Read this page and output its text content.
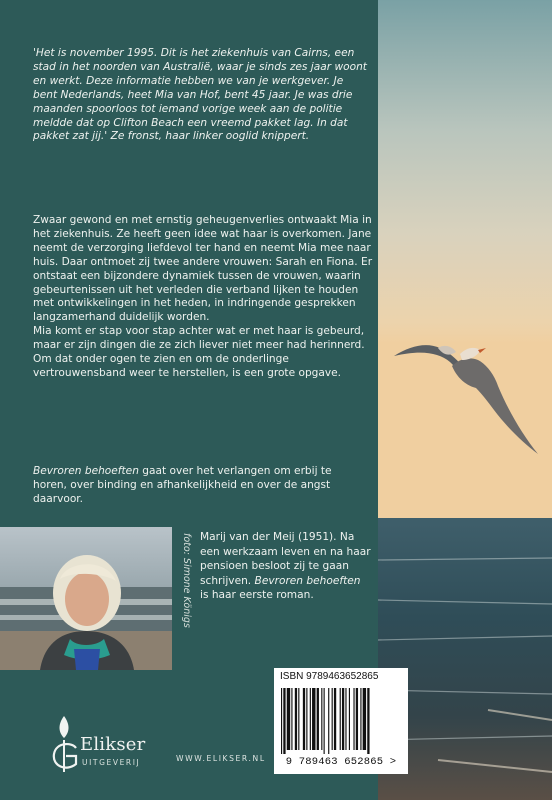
'Het is november 1995. Dit is het ziekenhuis van Cairns, een stad in het noorden van Australië, waar je sinds zes jaar woont en werkt. Deze informatie hebben we van je werkgever. Je bent Nederlands, heet Mia van Hof, bent 45 jaar. Je was drie maanden spoorloos tot iemand vorige week aan de politie meldde dat op Clifton Beach een vreemd pakket lag. In dat pakket zat jij.' Ze fronst, haar linker ooglid knippert.

Zwaar gewond en met ernstig geheugenverlies ontwaakt Mia in het ziekenhuis. Ze heeft geen idee wat haar is overkomen. Jane neemt de verzorging liefdevol ter hand en neemt Mia mee naar huis. Daar ontmoet zij twee andere vrouwen: Sarah en Fiona. Er ontstaat een bijzondere dynamiek tussen de vrouwen, waarin gebeurtenissen uit het verleden die verband lijken te houden met ontwikkelingen in het heden, in indringende gesprekken langzamerhand duidelijk worden.

Mia komt er stap voor stap achter wat er met haar is gebeurd, maar er zijn dingen die ze zich liever niet meer had herinnerd. Om dat onder ogen te zien en om de onderlinge vertrouwensband weer te herstellen, is een grote opgave.

Bevroren behoeften gaat over het verlangen om erbij te horen, over binding en afhankelijkheid en over de angst daarvoor.

foto: Simone Königs Marij van der Meij (1951). Na een werkzaam leven en na haar pensioen besloot zij te gaan schrijven. Bevroren behoeften is haar eerste roman.

Elikser
UITGEVERIJ	WWW.ELIKSER.NL
ISBN 9789463652865
9 789463 652865 >
